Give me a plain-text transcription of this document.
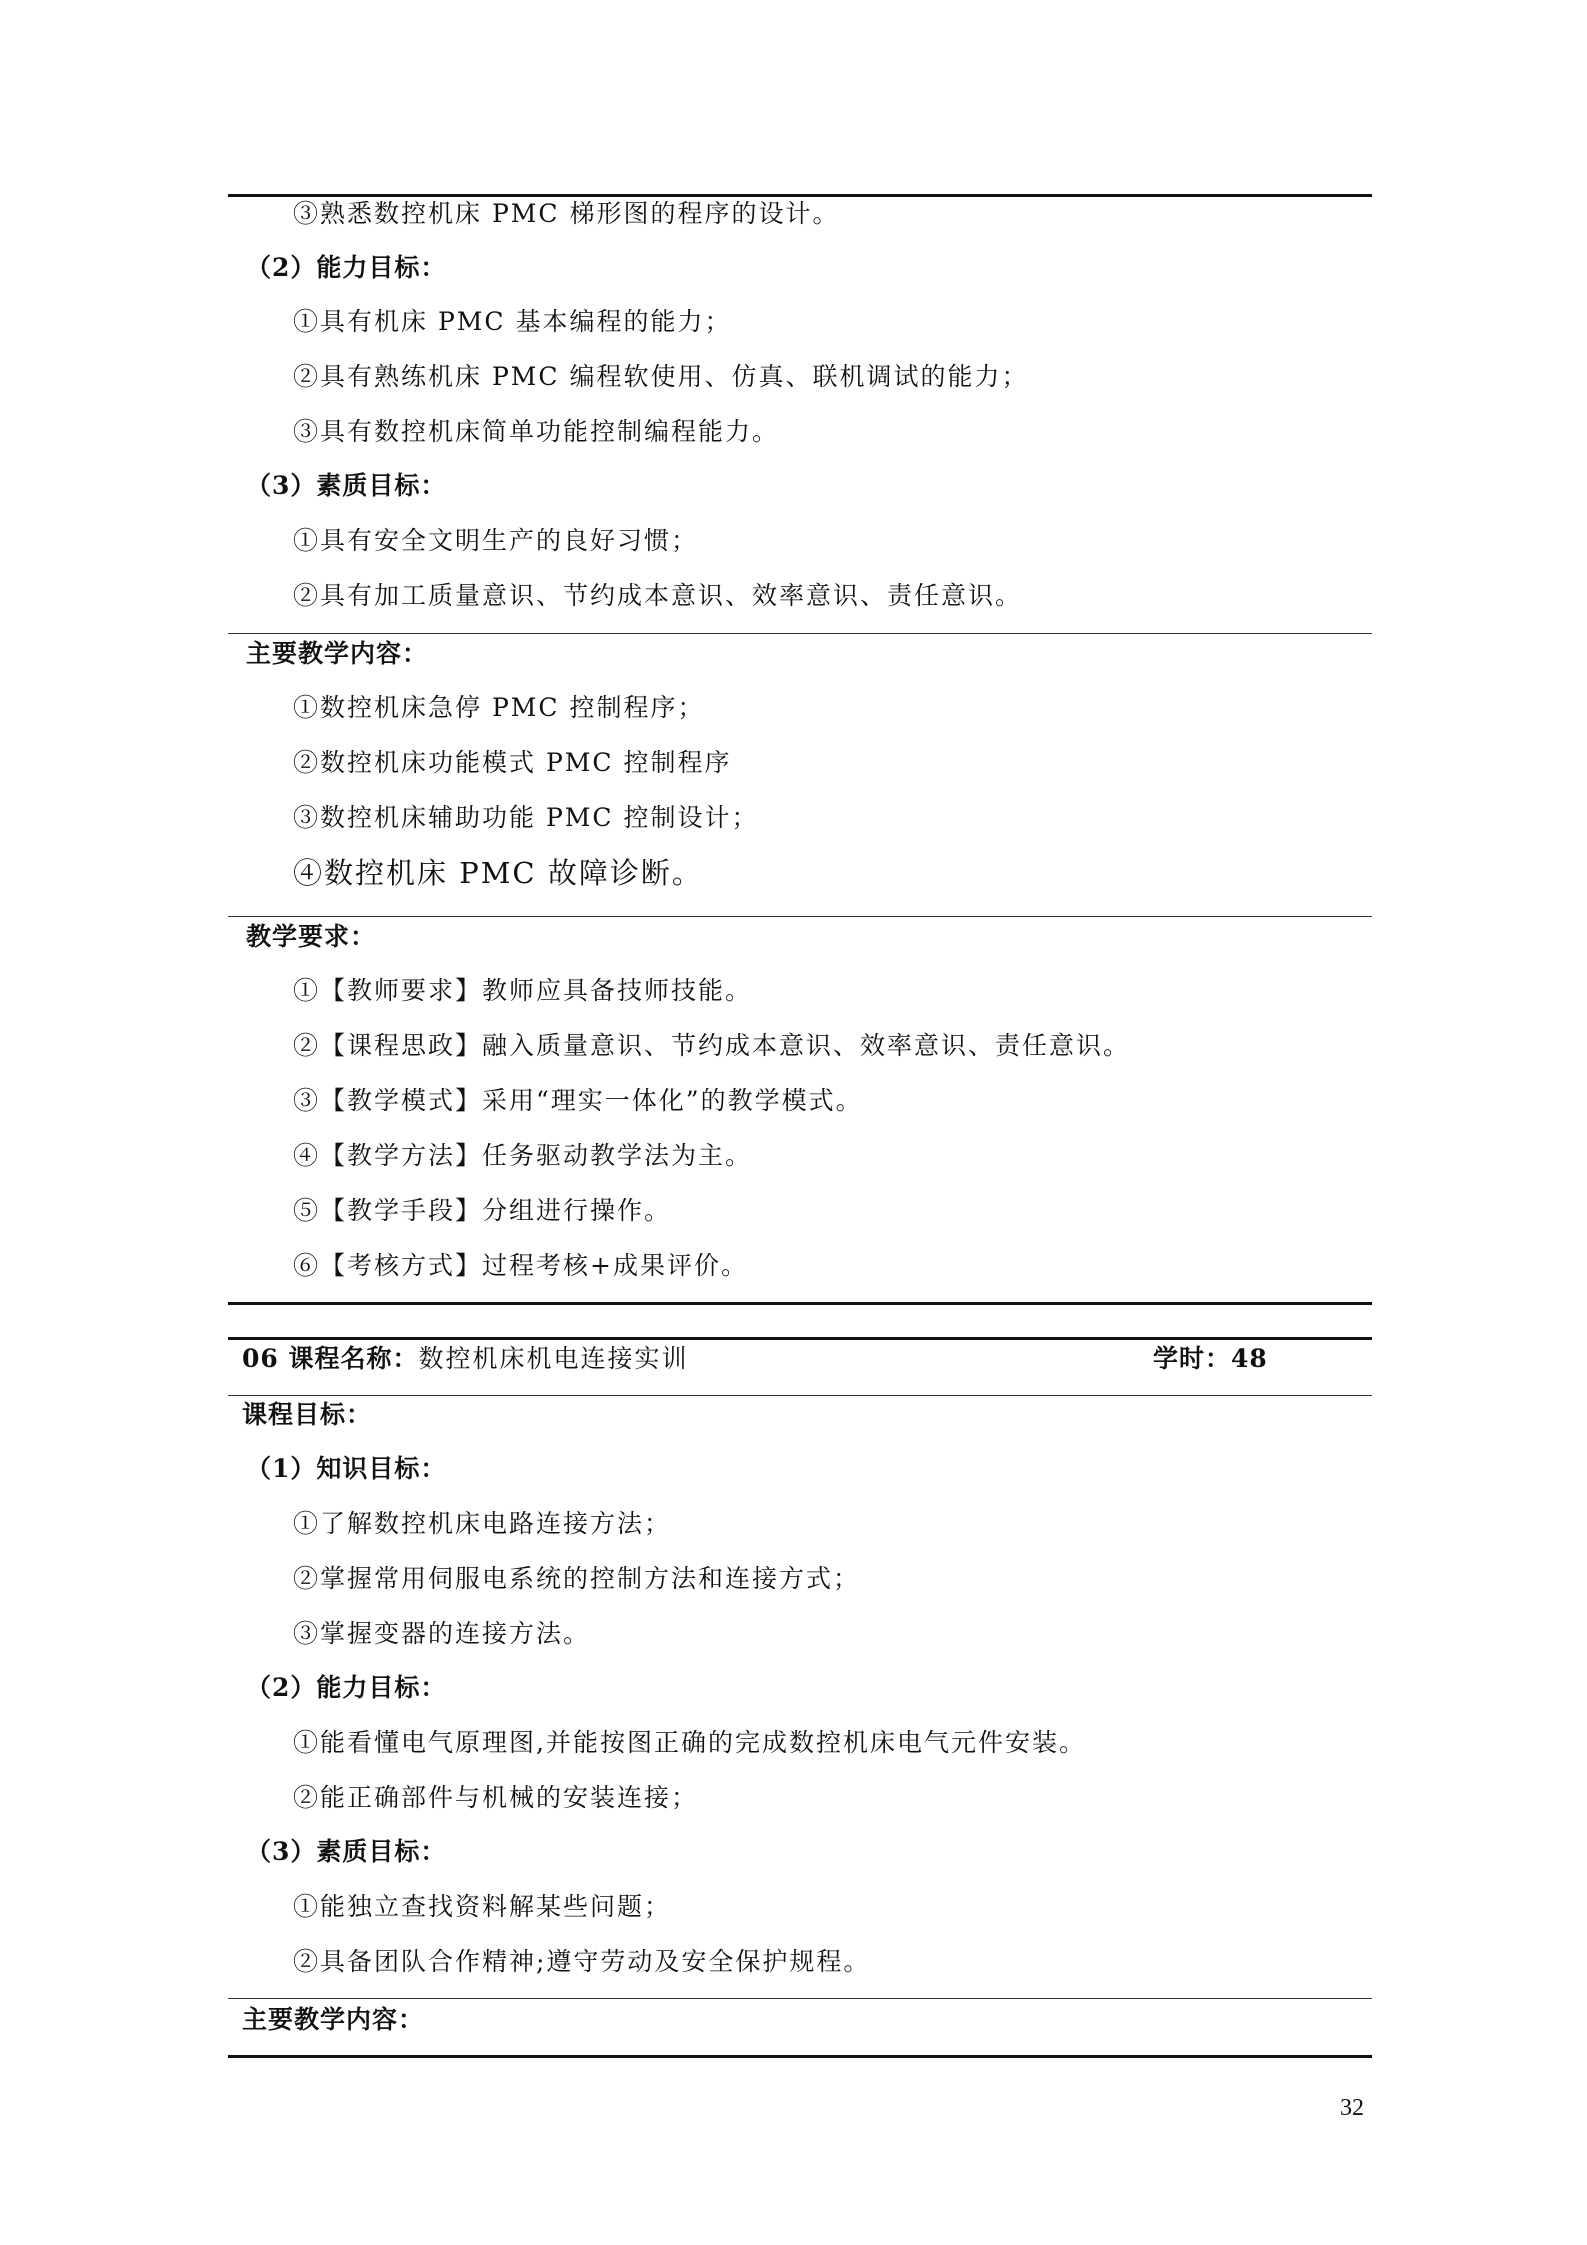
③熟悉数控机床 PMC 梯形图的程序的设计。
（2）能力目标：
①具有机床 PMC 基本编程的能力；
②具有熟练机床 PMC 编程软使用、仿真、联机调试的能力；
③具有数控机床简单功能控制编程能力。
（3）素质目标：
①具有安全文明生产的良好习惯；
②具有加工质量意识、节约成本意识、效率意识、责任意识。
主要教学内容：
①数控机床急停 PMC 控制程序；
②数控机床功能模式 PMC 控制程序
③数控机床辅助功能 PMC 控制设计；
④数控机床 PMC 故障诊断。
教学要求：
①【教师要求】教师应具备技师技能。
②【课程思政】融入质量意识、节约成本意识、效率意识、责任意识。
③【教学模式】采用“理实一体化”的教学模式。
④【教学方法】任务驱动教学法为主。
⑤【教学手段】分组进行操作。
⑥【考核方式】过程考核+成果评价。
06 课程名称：数控机床机电连接实训	学时：48
课程目标：
（1）知识目标：
①了解数控机床电路连接方法；
②掌握常用伺服电系统的控制方法和连接方式；
③掌握变器的连接方法。
（2）能力目标：
①能看懂电气原理图,并能按图正确的完成数控机床电气元件安装。
②能正确部件与机械的安装连接；
（3）素质目标：
①能独立查找资料解某些问题；
②具备团队合作精神;遵守劳动及安全保护规程。
主要教学内容：
32
